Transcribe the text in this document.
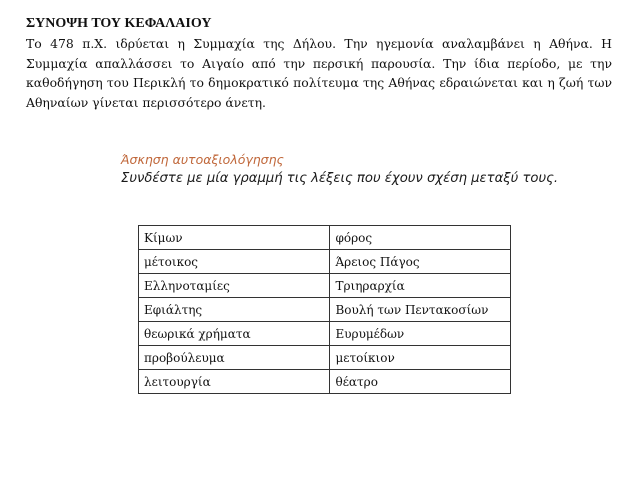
ΣΥΝΟΨΗ ΤΟΥ ΚΕΦΑΛΑΙΟΥ

Το 478 π.Χ. ιδρύεται η Συμμαχία της Δήλου. Την ηγεμονία αναλαμβάνει η Αθήνα. Η Συμμαχία απαλλάσσει το Αιγαίο από την περσική παρουσία. Την ίδια περίοδο, με την καθοδήγηση του Περικλή το δημοκρατικό πολίτευμα της Αθήνας εδραιώνεται και η ζωή των Αθηναίων γίνεται περισσότερο άνετη.

Άσκηση αυτοαξιολόγησης

Συνδέστε με μία γραμμή τις λέξεις που έχουν σχέση μεταξύ τους.

Κίμων	φόρος
μέτοικος	Άρειος Πάγος
Ελληνοταμίες	Τριηραρχία
Εφιάλτης	Βουλή των Πεντακοσίων
θεωρικά χρήματα	Ευρυμέδων
προβούλευμα	μετοίκιον
λειτουργία	θέατρο
